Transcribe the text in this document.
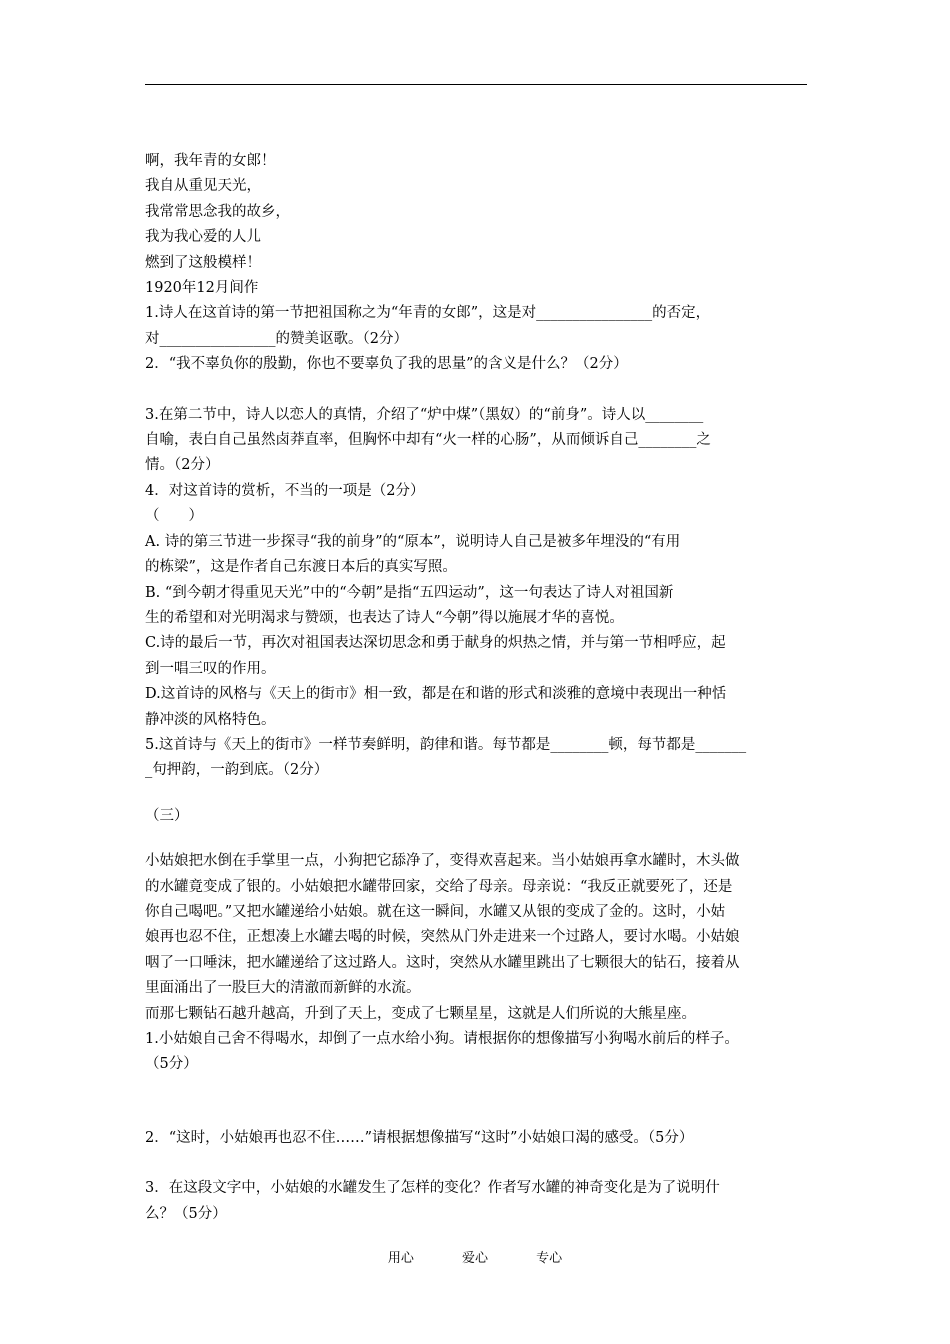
啊，我年青的女郎！
我自从重见天光，
我常常思念我的故乡，
我为我心爱的人儿
燃到了这般模样！
1920年12月间作
1.诗人在这首诗的第一节把祖国称之为“年青的女郎”，这是对________________的否定，
对________________的赞美讴歌。（2分）
2．“我不辜负你的殷勤，你也不要辜负了我的思量”的含义是什么？（2分）
3.在第二节中，诗人以恋人的真情，介绍了“炉中煤”（黑奴）的“前身”。诗人以________
自喻，表白自己虽然卤莽直率，但胸怀中却有“火一样的心肠”，从而倾诉自己________之
情。（2分）
4．对这首诗的赏析，不当的一项是（2分）
（　　）
A. 诗的第三节进一步探寻“我的前身”的“原本”，说明诗人自己是被多年埋没的“有用
的栋梁”，这是作者自己东渡日本后的真实写照。
B. “到今朝才得重见天光”中的“今朝”是指“五四运动”，这一句表达了诗人对祖国新
生的希望和对光明渴求与赞颂，也表达了诗人“今朝”得以施展才华的喜悦。
C.诗的最后一节，再次对祖国表达深切思念和勇于献身的炽热之情，并与第一节相呼应，起
到一唱三叹的作用。
D.这首诗的风格与《天上的街市》相一致，都是在和谐的形式和淡雅的意境中表现出一种恬
静冲淡的风格特色。
5.这首诗与《天上的街市》一样节奏鲜明，韵律和谐。每节都是________顿，每节都是_______
_句押韵，一韵到底。（2分）
（三）
小姑娘把水倒在手掌里一点，小狗把它舔净了，变得欢喜起来。当小姑娘再拿水罐时，木头做
的水罐竟变成了银的。小姑娘把水罐带回家，交给了母亲。母亲说：“我反正就要死了，还是
你自己喝吧。”又把水罐递给小姑娘。就在这一瞬间，水罐又从银的变成了金的。这时，小姑
娘再也忍不住，正想凑上水罐去喝的时候，突然从门外走进来一个过路人，要讨水喝。小姑娘
咽了一口唾沫，把水罐递给了这过路人。这时，突然从水罐里跳出了七颗很大的钻石，接着从
里面涌出了一股巨大的清澈而新鲜的水流。
而那七颗钻石越升越高，升到了天上，变成了七颗星星，这就是人们所说的大熊星座。
1.小姑娘自己舍不得喝水，却倒了一点水给小狗。请根据你的想像描写小狗喝水前后的样子。
（5分）
2．“这时，小姑娘再也忍不住……”请根据想像描写“这时”小姑娘口渴的感受。（5分）
3．在这段文字中，小姑娘的水罐发生了怎样的变化？作者写水罐的神奇变化是为了说明什
么？（5分）
用心	爱心	专心
